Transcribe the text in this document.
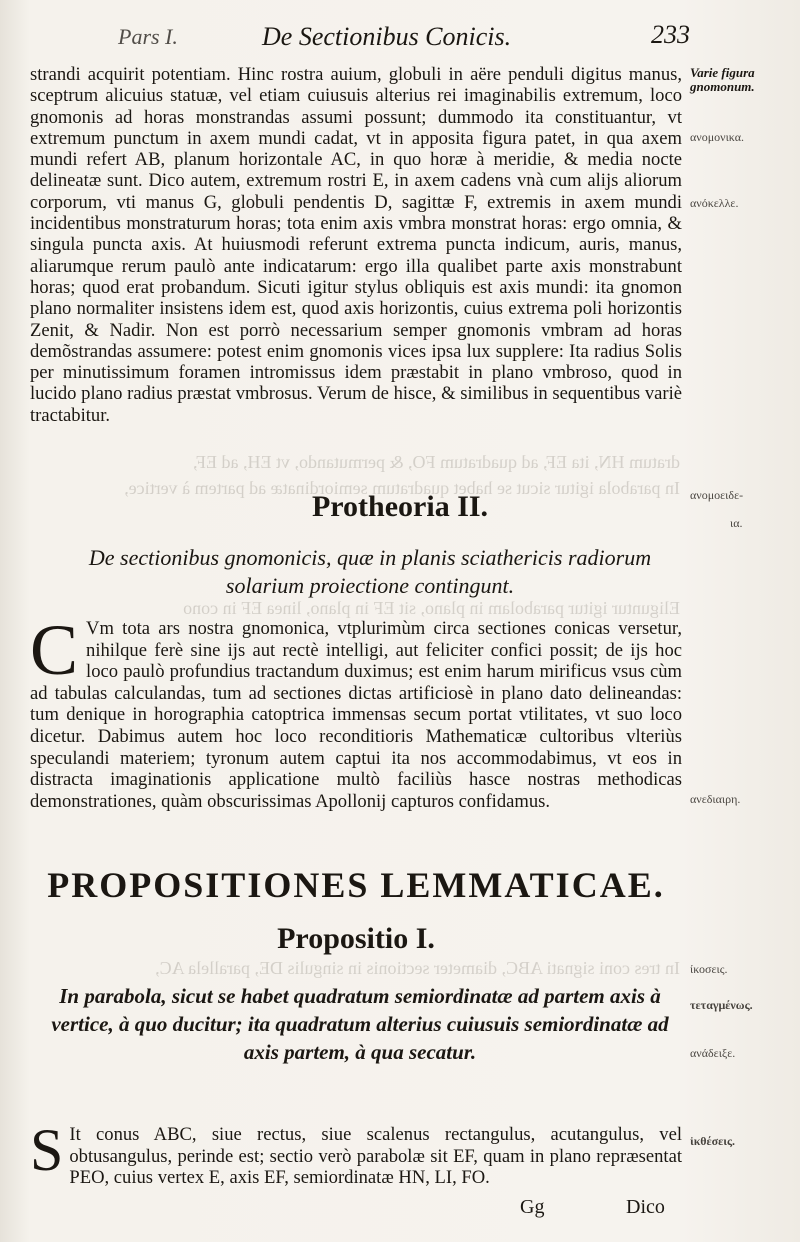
dratum HN, ita EF, ad quadratum FO, & permutando, vt EH, ad EF,
In parabola igitur sicut se habet quadratum semiordinatæ ad partem à vertice,
Eliguntur igitur parabolam in plano, sit EF in plano, linea EF in cono
In tres coni signati ABC, diameter sectionis in singulis DE, parallela AC,
Pars I.	De Sectionibus Conicis.	233

strandi acquirit potentiam. Hinc rostra auium, globuli in aëre penduli digitus manus, sceptrum alicuius statuæ, vel etiam cuiusuis alterius rei imaginabilis extremum, loco gnomonis ad horas monstrandas assumi possunt; dummodo ita constituantur, vt extremum punctum in axem mundi cadat, vt in apposita figura patet, in qua axem mundi refert AB, planum horizontale AC, in quo horæ à meridie, & media nocte delineatæ sunt. Dico autem, extremum rostri E, in axem cadens vnà cum alijs aliorum corporum, vti manus G, globuli pendentis D, sagittæ F, extremis in axem mundi incidentibus monstraturum horas; tota enim axis vmbra monstrat horas: ergo omnia, & singula puncta axis. At huiusmodi referunt extrema puncta indicum, auris, manus, aliarumque rerum paulò ante indicatarum: ergo illa qualibet parte axis monstrabunt horas; quod erat probandum. Sicuti igitur stylus obliquis est axis mundi: ita gnomon plano normaliter insistens idem est, quod axis horizontis, cuius extrema poli horizontis Zenit, & Nadir. Non est porrò necessarium semper gnomonis vmbram ad horas demõstrandas assumere: potest enim gnomonis vices ipsa lux supplere: Ita radius Solis per minutissimum foramen intromissus idem præstabit in plano vmbroso, quod in lucido plano radius præstat vmbrosus. Verum de hisce, & similibus in sequentibus variè tractabitur.

Protheoria II.
De sectionibus gnomonicis, quæ in planis sciathericis radiorum solarium proiectione contingunt.
C Vm tota ars nostra gnomonica, vtplurimùm circa sectiones conicas versetur, nihilque ferè sine ijs aut rectè intelligi, aut feliciter confici possit; de ijs hoc loco paulò profundius tractandum duximus; est enim harum mirificus vsus cùm ad tabulas calculandas, tum ad sectiones dictas artificiosè in plano dato delineandas: tum denique in horographia catoptrica immensas secum portat vtilitates, vt suo loco dicetur. Dabimus autem hoc loco reconditioris Mathematicæ cultoribus vlteriùs speculandi materiem; tyronum autem captui ita nos accommodabimus, vt eos in distracta imaginationis applicatione multò faciliùs hasce nostras methodicas demonstrationes, quàm obscurissimas Apollonij capturos confidamus.
PROPOSITIONES LEMMATICAE.
Propositio I.
In parabola, sicut se habet quadratum semiordinatæ ad partem axis à vertice, à quo ducitur; ita quadratum alterius cuiusuis semiordinatæ ad axis partem, à qua secatur.
S It conus ABC, siue rectus, siue scalenus rectangulus, acutangulus, vel obtusangulus, perinde est; sectio verò parabolæ sit EF, quam in plano repræsentat PEO, cuius vertex E, axis EF, semiordinatæ HN, LI, FO.
Gg	Dico
Varie figura gnomonum.
ανομονικα.
ανόκελλε.
ανομοειδε-
ια.
ανεδιαιρη.
ίκοσεις.
τεταγμένως.
ανάδειξε.
ἰκθέσεις.
